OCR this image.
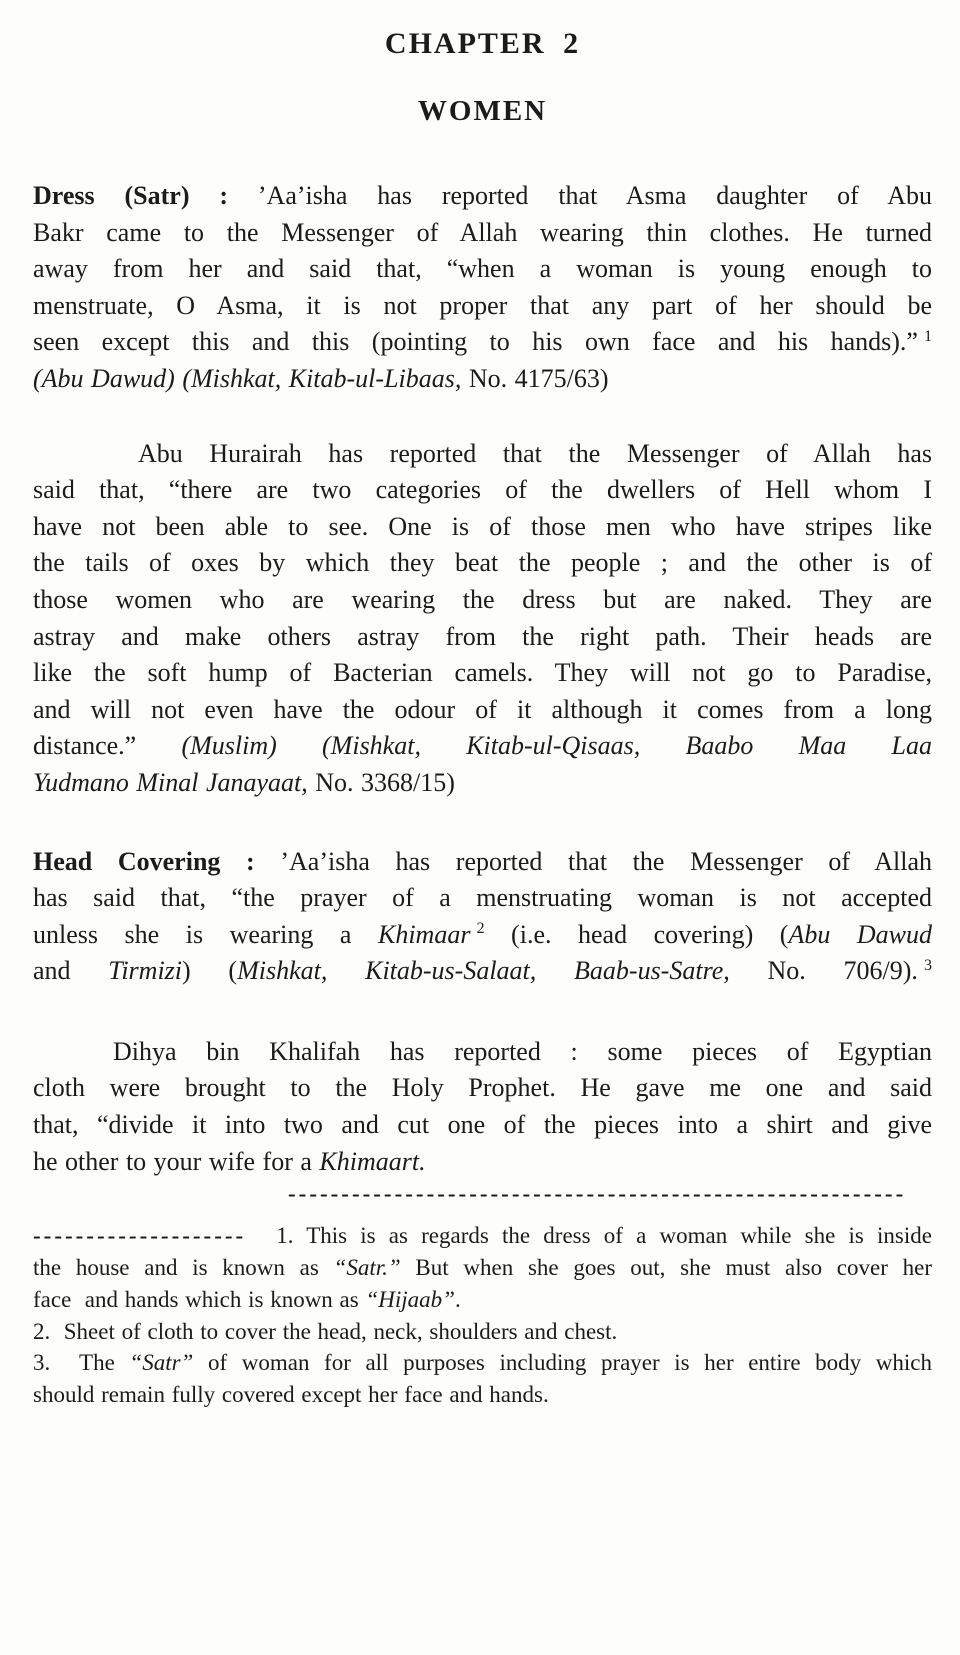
CHAPTER 2
WOMEN
Dress (Satr) : ’Aa’isha has reported that Asma daughter of Abu
Bakr came to the Messenger of Allah wearing thin clothes. He turned
away from her and said that, “when a woman is young enough to
menstruate, O Asma, it is not proper that any part of her should be
seen except this and this (pointing to his own face and his hands).” $^1$
(Abu Dawud) (Mishkat, Kitab-ul-Libaas, No. 4175/63)
Abu Hurairah has reported that the Messenger of Allah has
said that, “there are two categories of the dwellers of Hell whom I
have not been able to see. One is of those men who have stripes like
the tails of oxes by which they beat the people ; and the other is of
those women who are wearing the dress but are naked. They are
astray and make others astray from the right path. Their heads are
like the soft hump of Bacterian camels. They will not go to Paradise,
and will not even have the odour of it although it comes from a long
distance.” (Muslim) (Mishkat, Kitab-ul-Qisaas, Baabo Maa Laa
Yudmano Minal Janayaat, No. 3368/15)
Head Covering : ’Aa’isha has reported that the Messenger of Allah
has said that, “the prayer of a menstruating woman is not accepted
unless she is wearing a Khimaar $^2$ (i.e. head covering) (Abu Dawud
and Tirmizi) (Mishkat, Kitab-us-Salaat, Baab-us-Satre, No. 706/9). $^3$
Dihya bin Khalifah has reported : some pieces of Egyptian
cloth were brought to the Holy Prophet. He gave me one and said
that, “divide it into two and cut one of the pieces into a shirt and give
he other to your wife for a Khimaart.
----------------------------------------------------------
-------------------- 1. This is as regards the dress of a woman while she is inside
the house and is known as “Satr.” But when she goes out, she must also cover her
face  and hands which is known as “Hijaab”.
2.  Sheet of cloth to cover the head, neck, shoulders and chest.
3.  The “Satr” of woman for all purposes including prayer is her entire body which
should remain fully covered except her face and hands.
